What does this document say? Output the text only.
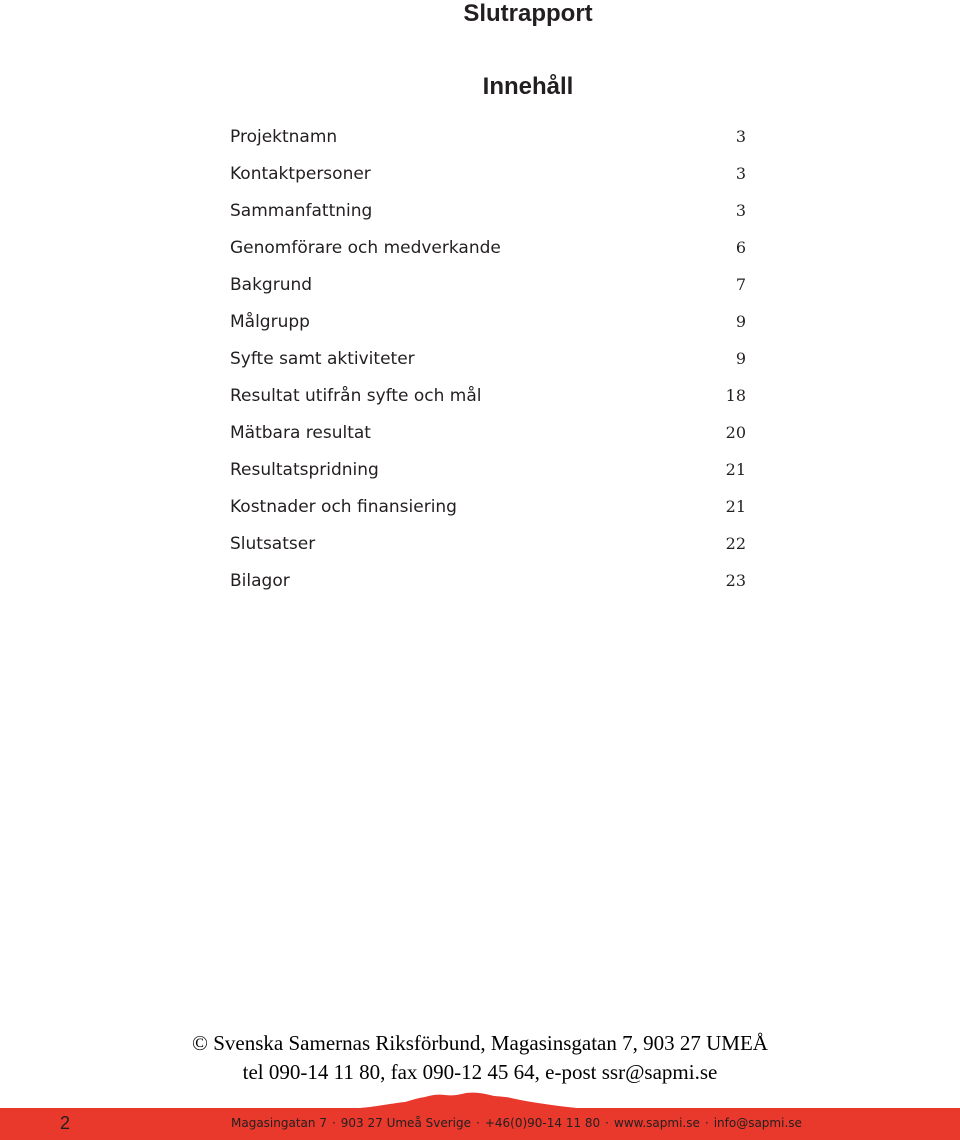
Slutrapport
Innehåll
Projektnamn	3
Kontaktpersoner	3
Sammanfattning	3
Genomförare och medverkande	6
Bakgrund	7
Målgrupp	9
Syfte samt aktiviteter	9
Resultat utifrån syfte och mål	18
Mätbara resultat	20
Resultatspridning	21
Kostnader och finansiering	21
Slutsatser	22
Bilagor	23
© Svenska Samernas Riksförbund, Magasinsgatan 7, 903 27 UMEÅ
tel 090-14 11 80, fax 090-12 45 64, e-post ssr@sapmi.se
2	Magasingatan 7 · 903 27 Umeå Sverige · +46(0)90-14 11 80 · www.sapmi.se · info@sapmi.se
